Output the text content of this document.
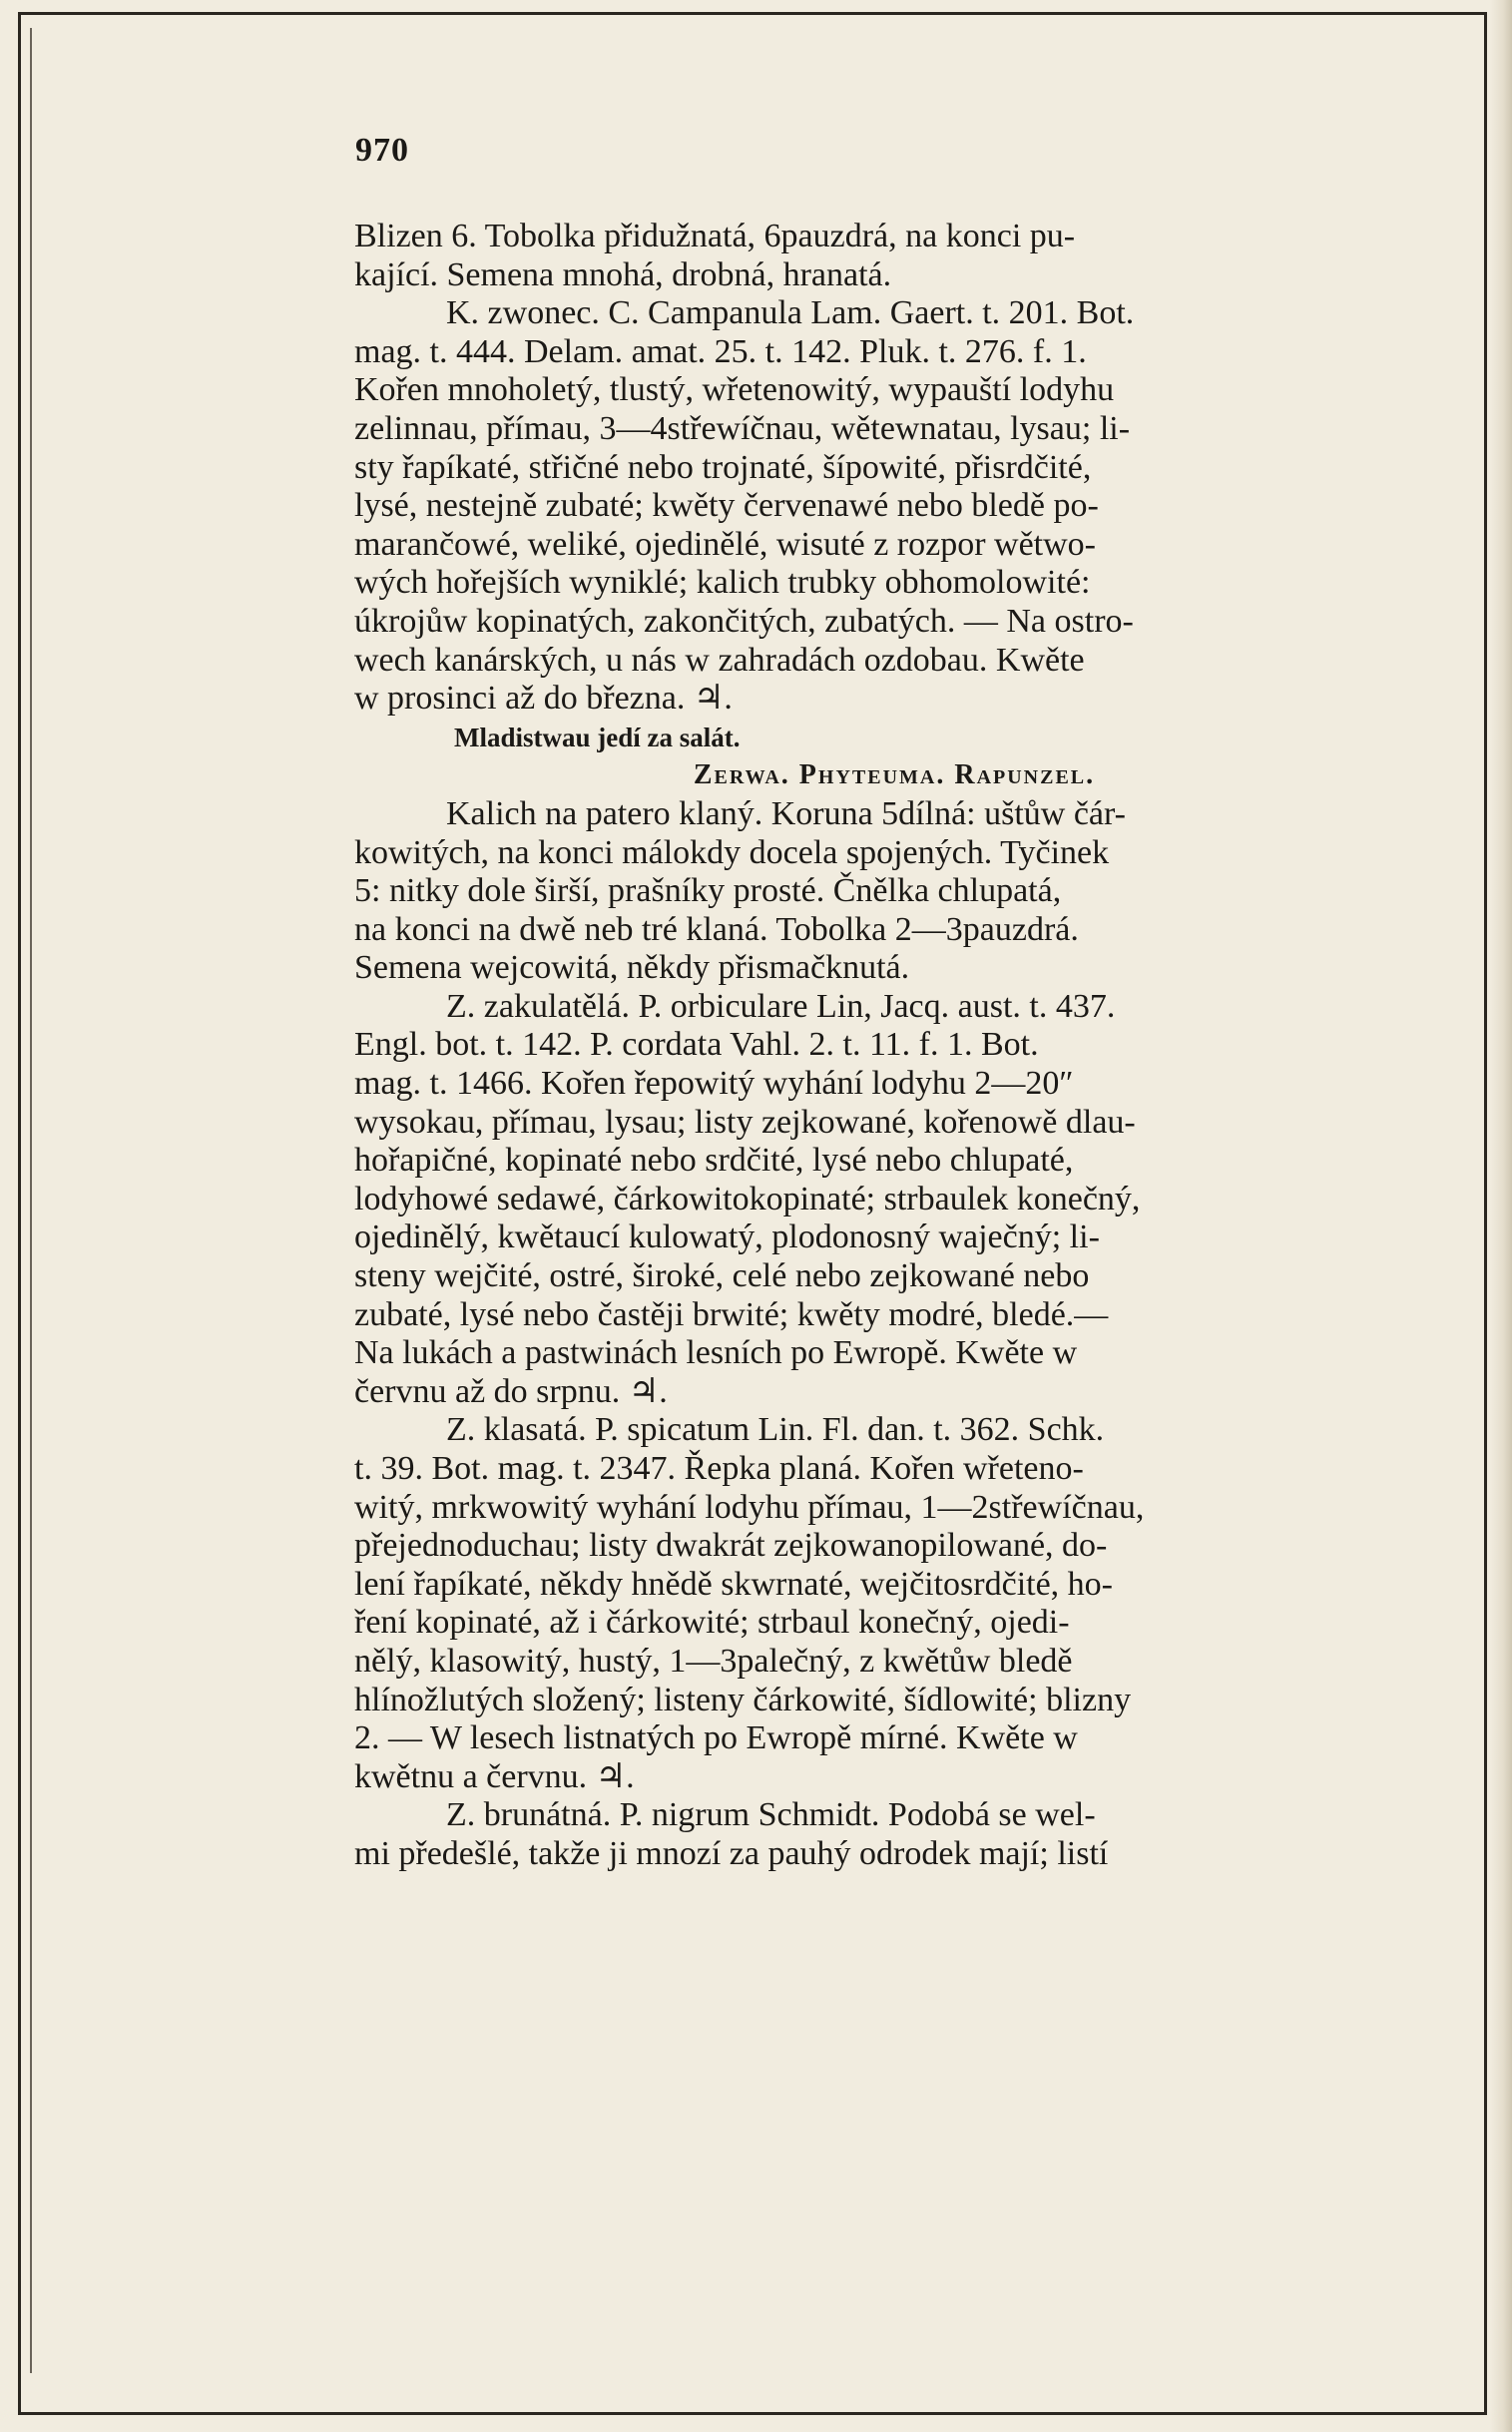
970

Blizen 6. Tobolka přidužnatá, 6pauzdrá, na konci pu-

kající. Semena mnohá, drobná, hranatá.

K. zwonec. C. Campanula Lam. Gaert. t. 201. Bot.

mag. t. 444. Delam. amat. 25. t. 142. Pluk. t. 276. f. 1.

Kořen mnoholetý, tlustý, wřetenowitý, wypauští lodyhu

zelinnau, přímau, 3—4střewíčnau, wětewnatau, lysau; li-

sty řapíkaté, střičné nebo trojnaté, šípowité, přisrdčité,

lysé, nestejně zubaté; kwěty červenawé nebo bledě po-

marančowé, weliké, ojedinělé, wisuté z rozpor wětwo-

wých hořejších wyniklé; kalich trubky obhomolowité:

úkrojůw kopinatých, zakončitých, zubatých. — Na ostro-

wech kanárských, u nás w zahradách ozdobau. Kwěte

w prosinci až do března. ♃.

Mladistwau jedí za salát.

Zerwa. Phyteuma. Rapunzel.

Kalich na patero klaný. Koruna 5dílná: uštůw čár-

kowitých, na konci málokdy docela spojených. Tyčinek

5: nitky dole širší, prašníky prosté. Čnělka chlupatá,

na konci na dwě neb tré klaná. Tobolka 2—3pauzdrá.

Semena wejcowitá, někdy přismačknutá.

Z. zakulatělá. P. orbiculare Lin, Jacq. aust. t. 437.

Engl. bot. t. 142. P. cordata Vahl. 2. t. 11. f. 1. Bot.

mag. t. 1466. Kořen řepowitý wyhání lodyhu 2—20″

wysokau, přímau, lysau; listy zejkowané, kořenowě dlau-

hořapičné, kopinaté nebo srdčité, lysé nebo chlupaté,

lodyhowé sedawé, čárkowitokopinaté; strbaulek konečný,

ojedinělý, kwětaucí kulowatý, plodonosný waječný; li-

steny wejčité, ostré, široké, celé nebo zejkowané nebo

zubaté, lysé nebo častěji brwité; kwěty modré, bledé.—

Na lukách a pastwinách lesních po Ewropě. Kwěte w

červnu až do srpnu. ♃.

Z. klasatá. P. spicatum Lin. Fl. dan. t. 362. Schk.

t. 39. Bot. mag. t. 2347. Řepka planá. Kořen wřeteno-

witý, mrkwowitý wyhání lodyhu přímau, 1—2střewíčnau,

přejednoduchau; listy dwakrát zejkowanopilowané, do-

lení řapíkaté, někdy hnědě skwrnaté, wejčitosrdčité, ho-

ření kopinaté, až i čárkowité; strbaul konečný, ojedi-

nělý, klasowitý, hustý, 1—3palečný, z kwětůw bledě

hlínožlutých složený; listeny čárkowité, šídlowité; blizny

2. — W lesech listnatých po Ewropě mírné. Kwěte w

kwětnu a červnu. ♃.

Z. brunátná. P. nigrum Schmidt. Podobá se wel-

mi předešlé, takže ji mnozí za pauhý odrodek mají; listí
